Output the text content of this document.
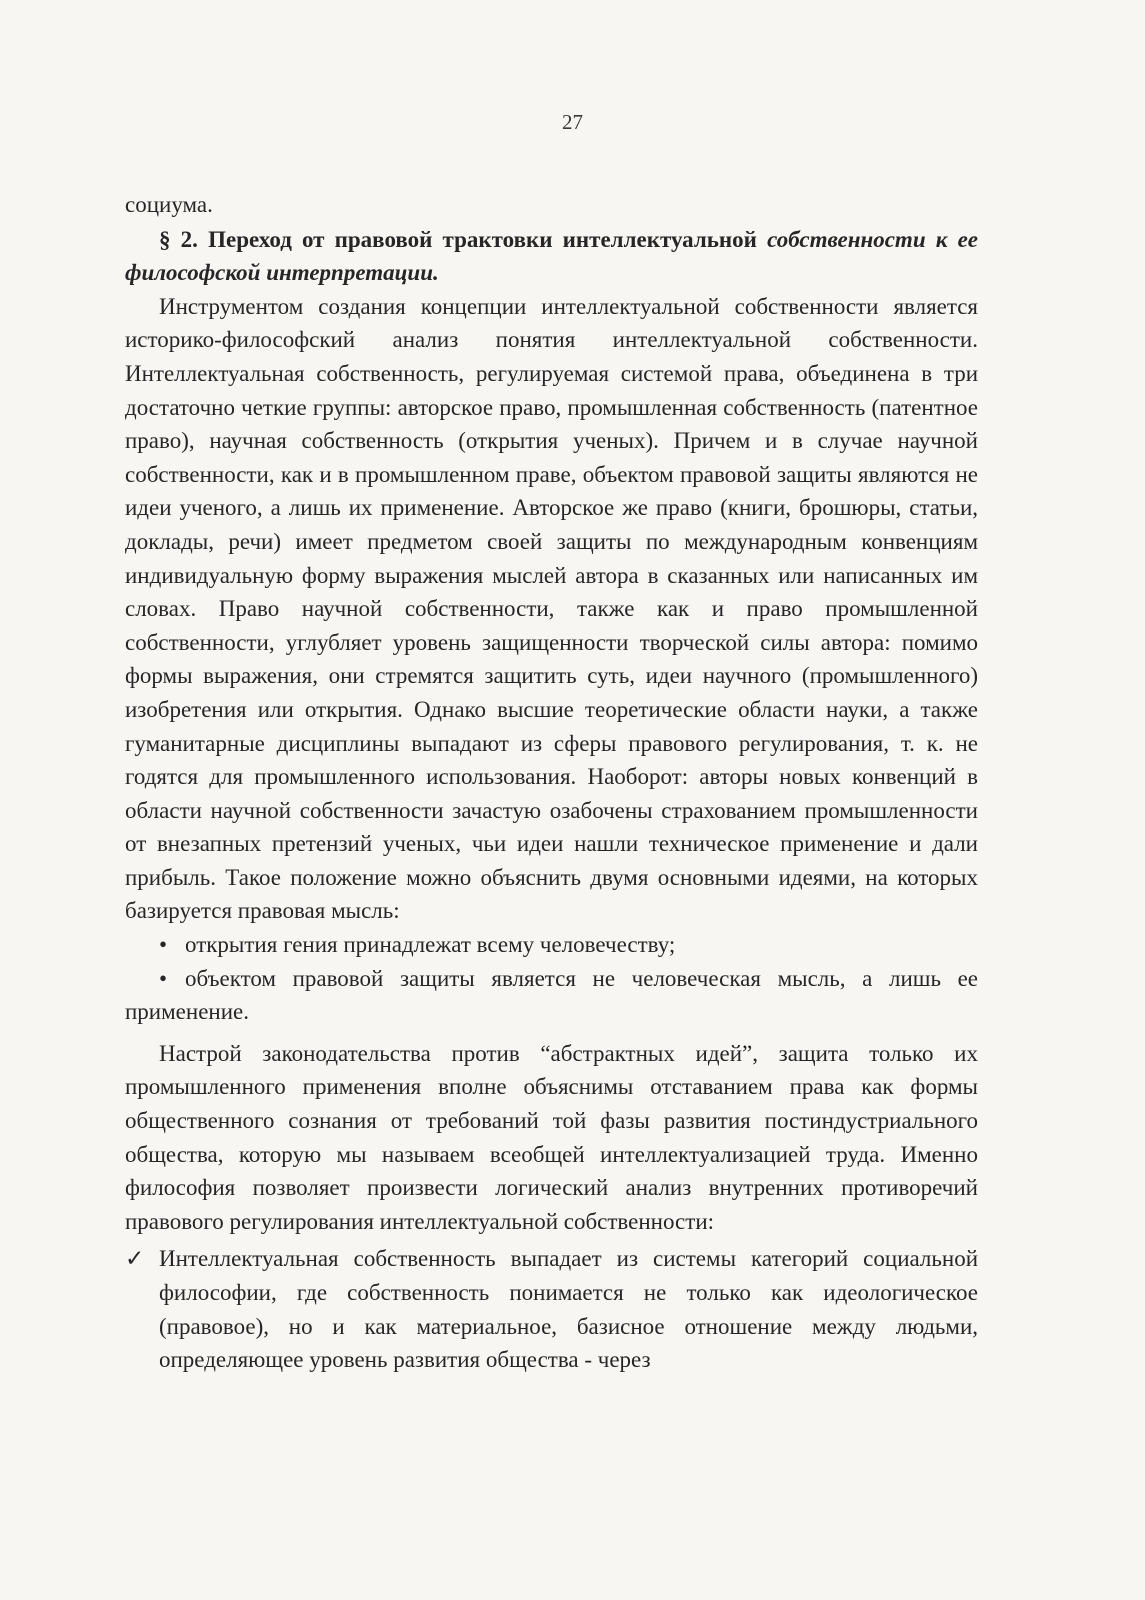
27

социума.

§ 2. Переход от правовой трактовки интеллектуальной собственности к ее философской интерпретации.

Инструментом создания концепции интеллектуальной собственности является историко-философский анализ понятия интеллектуальной собственности. Интеллектуальная собственность, регулируемая системой права, объединена в три достаточно четкие группы: авторское право, промышленная собственность (патентное право), научная собственность (открытия ученых). Причем и в случае научной собственности, как и в промышленном праве, объектом правовой защиты являются не идеи ученого, а лишь их применение. Авторское же право (книги, брошюры, статьи, доклады, речи) имеет предметом своей защиты по международным конвенциям индивидуальную форму выражения мыслей автора в сказанных или написанных им словах. Право научной собственности, также как и право промышленной собственности, углубляет уровень защищенности творческой силы автора: помимо формы выражения, они стремятся защитить суть, идеи научного (промышленного) изобретения или открытия. Однако высшие теоретические области науки, а также гуманитарные дисциплины выпадают из сферы правового регулирования, т. к. не годятся для промышленного использования. Наоборот: авторы новых конвенций в области научной собственности зачастую озабочены страхованием промышленности от внезапных претензий ученых, чьи идеи нашли техническое применение и дали прибыль. Такое положение можно объяснить двумя основными идеями, на которых базируется правовая мысль:

• открытия гения принадлежат всему человечеству;
• объектом правовой защиты является не человеческая мысль, а лишь ее применение.

Настрой законодательства против “абстрактных идей”, защита только их промышленного применения вполне объяснимы отставанием права как формы общественного сознания от требований той фазы развития постиндустриального общества, которую мы называем всеобщей интеллектуализацией труда. Именно философия позволяет произвести логический анализ внутренних противоречий правового регулирования интеллектуальной собственности:

✓ Интеллектуальная собственность выпадает из системы категорий социальной философии, где собственность понимается не только как идеологическое (правовое), но и как материальное, базисное отношение между людьми, определяющее уровень развития общества - через
